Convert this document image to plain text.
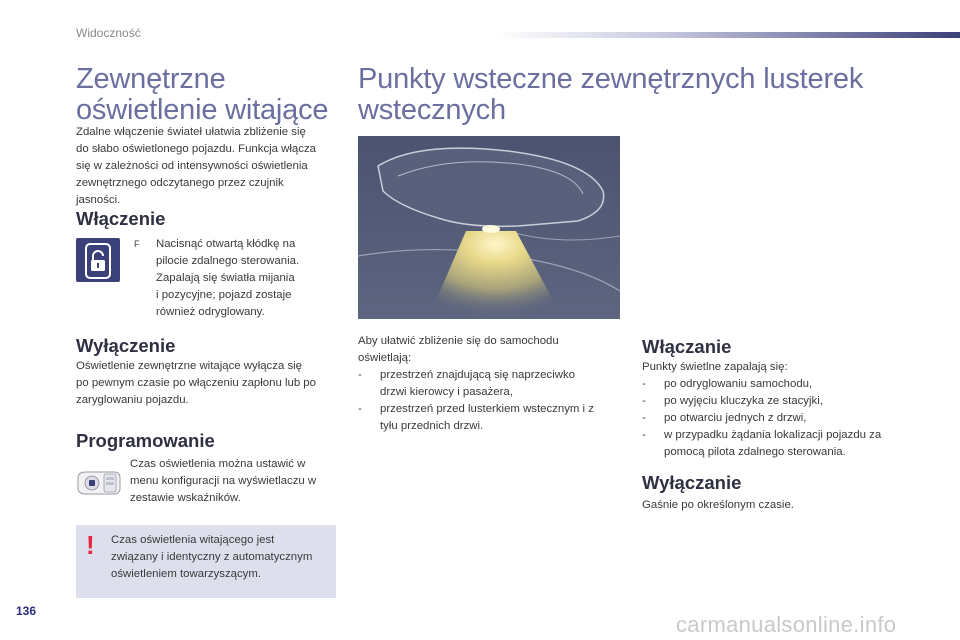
Widoczność
Zewnętrzne
oświetlenie witające
Zdalne włączenie świateł ułatwia zbliżenie się
do słabo oświetlonego pojazdu. Funkcja włącza
się w zależności od intensywności oświetlenia
zewnętrznego odczytanego przez czujnik
jasności.
Włączenie
F Nacisnąć otwartą kłódkę na
pilocie zdalnego sterowania.
Zapalają się światła mijania
i pozycyjne; pojazd zostaje
również odryglowany.
Wyłączenie
Oświetlenie zewnętrzne witające wyłącza się
po pewnym czasie po włączeniu zapłonu lub po
zaryglowaniu pojazdu.
Programowanie
Czas oświetlenia można ustawić w
menu konfiguracji na wyświetlaczu w
zestawie wskaźników.
! Czas oświetlenia witającego jest
związany i identyczny z automatycznym
oświetleniem towarzyszącym.
Punkty wsteczne zewnętrznych lusterek
wstecznych
Aby ułatwić zbliżenie się do samochodu
oświetlają:
- przestrzeń znajdującą się naprzeciwko
drzwi kierowcy i pasażera,
- przestrzeń przed lusterkiem wstecznym i z
tyłu przednich drzwi.
Włączanie
Punkty świetlne zapalają się:
- po odryglowaniu samochodu,
- po wyjęciu kluczyka ze stacyjki,
- po otwarciu jednych z drzwi,
- w przypadku żądania lokalizacji pojazdu za
pomocą pilota zdalnego sterowania.
Wyłączanie
Gaśnie po określonym czasie.
136
carmanualsonline.info
